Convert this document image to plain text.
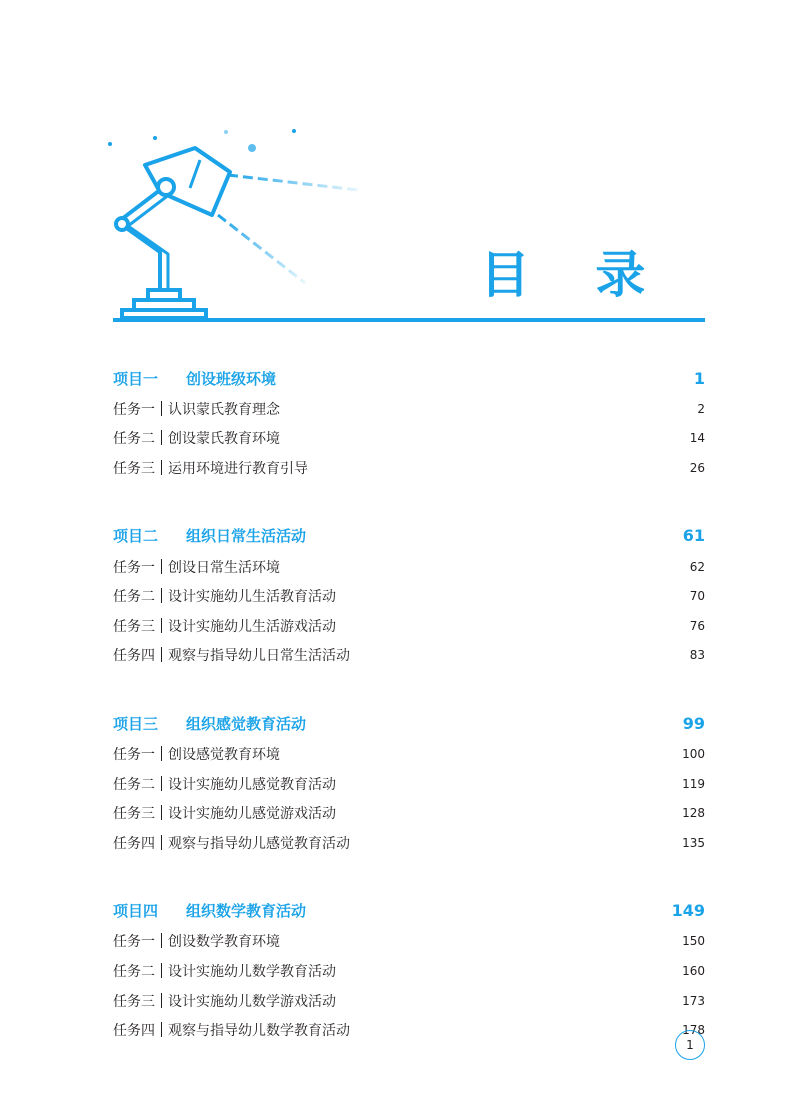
目 录
项目一 创设班级环境	1
任务一 认识蒙氏教育理念	2
任务二 创设蒙氏教育环境	14
任务三 运用环境进行教育引导	26
项目二 组织日常生活活动	61
任务一 创设日常生活环境	62
任务二 设计实施幼儿生活教育活动	70
任务三 设计实施幼儿生活游戏活动	76
任务四 观察与指导幼儿日常生活活动	83
项目三 组织感觉教育活动	99
任务一 创设感觉教育环境	100
任务二 设计实施幼儿感觉教育活动	119
任务三 设计实施幼儿感觉游戏活动	128
任务四 观察与指导幼儿感觉教育活动	135
项目四 组织数学教育活动	149
任务一 创设数学教育环境	150
任务二 设计实施幼儿数学教育活动	160
任务三 设计实施幼儿数学游戏活动	173
任务四 观察与指导幼儿数学教育活动	178
1
